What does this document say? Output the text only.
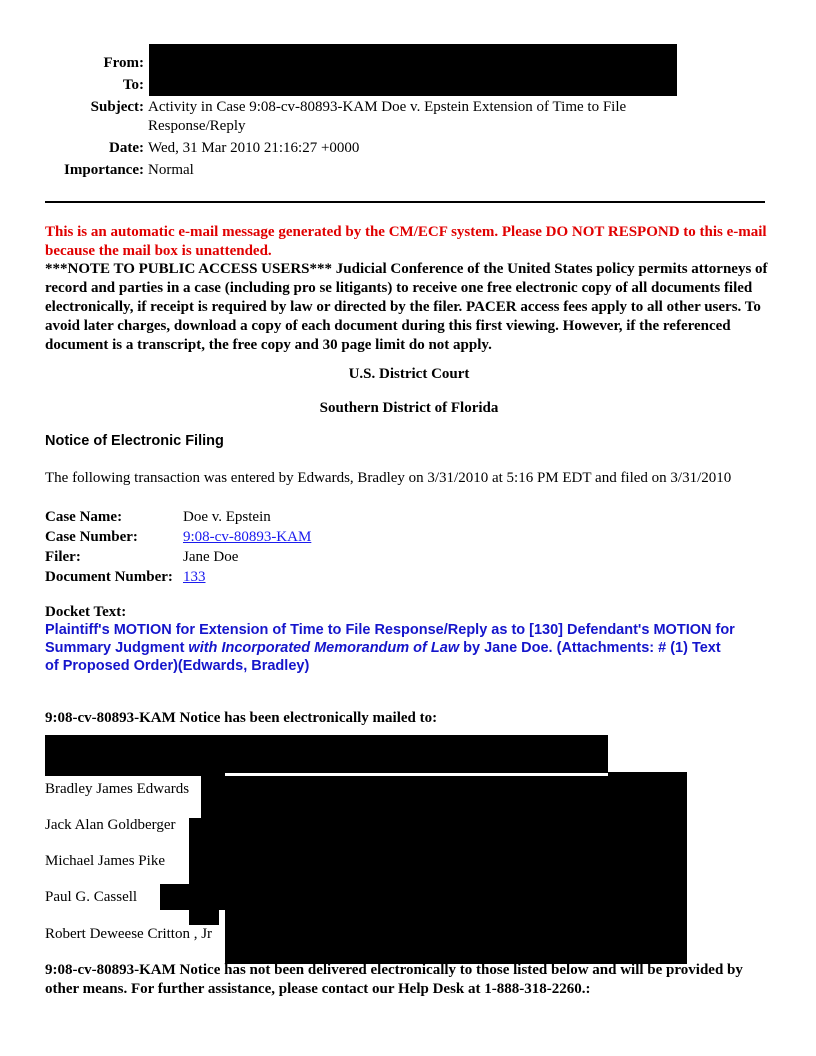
From:
To:
Subject: Activity in Case 9:08-cv-80893-KAM Doe v. Epstein Extension of Time to File Response/Reply
Date: Wed, 31 Mar 2010 21:16:27 +0000
Importance: Normal
This is an automatic e-mail message generated by the CM/ECF system. Please DO NOT RESPOND to this e-mail because the mail box is unattended.
***NOTE TO PUBLIC ACCESS USERS*** Judicial Conference of the United States policy permits attorneys of record and parties in a case (including pro se litigants) to receive one free electronic copy of all documents filed electronically, if receipt is required by law or directed by the filer. PACER access fees apply to all other users. To avoid later charges, download a copy of each document during this first viewing. However, if the referenced document is a transcript, the free copy and 30 page limit do not apply.
U.S. District Court
Southern District of Florida
Notice of Electronic Filing
The following transaction was entered by Edwards, Bradley on 3/31/2010 at 5:16 PM EDT and filed on 3/31/2010
Case Name:	Doe v. Epstein
Case Number:	9:08-cv-80893-KAM
Filer:	Jane Doe
Document Number:	133
Docket Text:
Plaintiff's MOTION for Extension of Time to File Response/Reply as to [130] Defendant's MOTION for Summary Judgment with Incorporated Memorandum of Law by Jane Doe. (Attachments: # (1) Text of Proposed Order)(Edwards, Bradley)
9:08-cv-80893-KAM Notice has been electronically mailed to:
Bradley James Edwards
Jack Alan Goldberger
Michael James Pike
Paul G. Cassell
Robert Deweese Critton , Jr
9:08-cv-80893-KAM Notice has not been delivered electronically to those listed below and will be provided by other means. For further assistance, please contact our Help Desk at 1-888-318-2260.:
